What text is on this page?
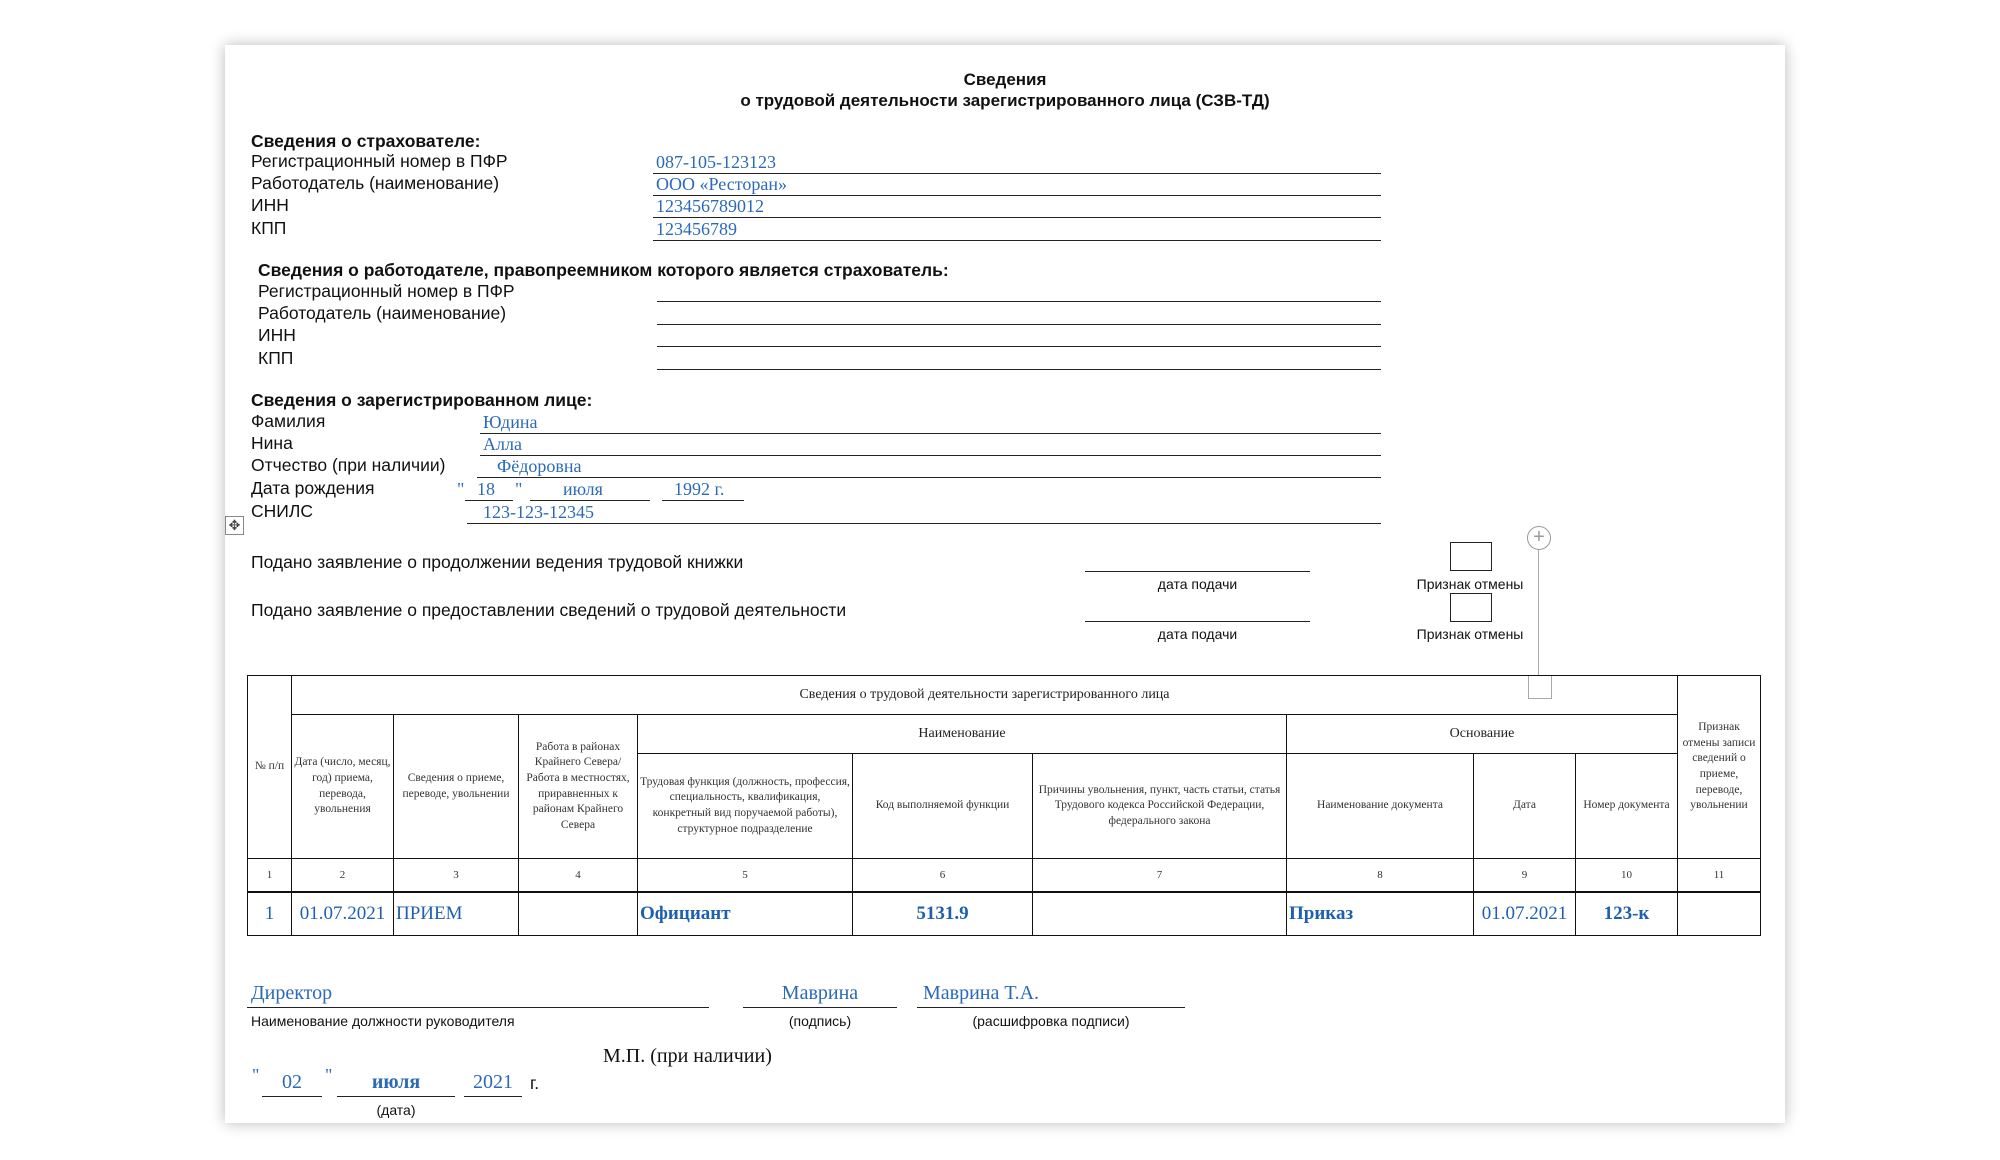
Сведения
о трудовой деятельности зарегистрированного лица (СЗВ-ТД)
Сведения о страхователе:
Регистрационный номер в ПФР	087-105-123123
Работодатель (наименование)	ООО «Ресторан»
ИНН	123456789012
КПП	123456789
Сведения о работодателе, правопреемником которого является страхователь:
Регистрационный номер в ПФР
Работодатель (наименование)
ИНН
КПП
Сведения о зарегистрированном лице:
Фамилия	Юдина
Нина	Алла
Отчество (при наличии)	Фёдоровна
Дата рождения	" 18 " июля	1992 г.
СНИЛС	123-123-12345
✥
Подано заявление о продолжении ведения трудовой книжки
дата подачи	Признак отмены
Подано заявление о предоставлении сведений о трудовой деятельности
дата подачи	Признак отмены
+
№ п/п	Сведения о трудовой деятельности зарегистрированного лица									Признак отмены записи сведений о приеме, переводе, увольнении
	Дата (число, месяц, год) приема, перевода, увольнения	Сведения о приеме, переводе, увольнении	Работа в районах Крайнего Севера/Работа в местностях, приравненных к районам Крайнего Севера	Наименование			Основание			
				Трудовая функция (должность, профессия, специальность, квалификация, конкретный вид поручаемой работы), структурное подразделение	Код выполняемой функции	Причины увольнения, пункт, часть статьи, статья Трудового кодекса Российской Федерации, федерального закона	Наименование документа	Дата	Номер документа	
1	2	3	4	5	6	7	8	9	10	11
1	01.07.2021	ПРИЕМ		Официант	5131.9		Приказ	01.07.2021	123-к	
Директор
Наименование должности руководителя
Маврина
(подпись)
Маврина Т.А.
(расшифровка подписи)
М.П. (при наличии)
"	02	"	июля
(дата)
2021 г.
